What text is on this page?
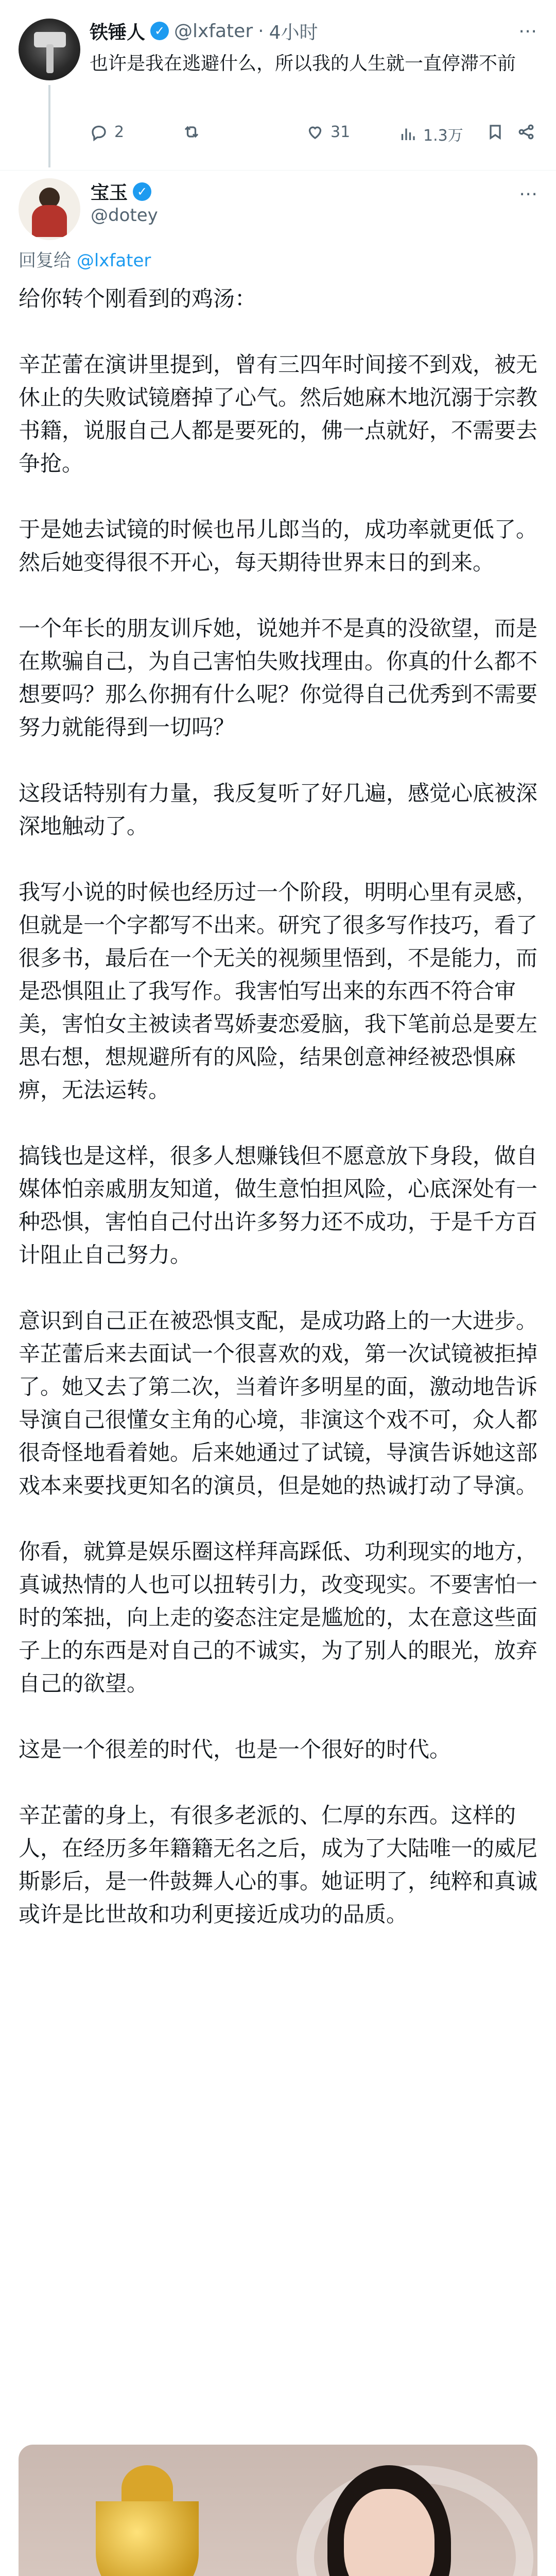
铁锤人 ✓ @lxfater · 4小时	⋯
也许是我在逃避什么，所以我的人生就一直停滞不前
2	31	1.3万
宝玉 ✓
@dotey
⋯
回复给 @lxfater

给你转个刚看到的鸡汤：

辛芷蕾在演讲里提到，曾有三四年时间接不到戏，被无休止的失败试镜磨掉了心气。然后她麻木地沉溺于宗教书籍，说服自己人都是要死的，佛一点就好，不需要去争抢。

于是她去试镜的时候也吊儿郎当的，成功率就更低了。

然后她变得很不开心，每天期待世界末日的到来。

一个年长的朋友训斥她，说她并不是真的没欲望，而是在欺骗自己，为自己害怕失败找理由。你真的什么都不想要吗？那么你拥有什么呢？你觉得自己优秀到不需要努力就能得到一切吗？

这段话特别有力量，我反复听了好几遍，感觉心底被深深地触动了。

我写小说的时候也经历过一个阶段，明明心里有灵感，但就是一个字都写不出来。研究了很多写作技巧，看了很多书，最后在一个无关的视频里悟到，不是能力，而是恐惧阻止了我写作。我害怕写出来的东西不符合审美，害怕女主被读者骂娇妻恋爱脑，我下笔前总是要左思右想，想规避所有的风险，结果创意神经被恐惧麻痹，无法运转。

搞钱也是这样，很多人想赚钱但不愿意放下身段，做自媒体怕亲戚朋友知道，做生意怕担风险，心底深处有一种恐惧，害怕自己付出许多努力还不成功，于是千方百计阻止自己努力。

意识到自己正在被恐惧支配，是成功路上的一大进步。

辛芷蕾后来去面试一个很喜欢的戏，第一次试镜被拒掉了。她又去了第二次，当着许多明星的面，激动地告诉导演自己很懂女主角的心境，非演这个戏不可，众人都很奇怪地看着她。后来她通过了试镜，导演告诉她这部戏本来要找更知名的演员，但是她的热诚打动了导演。

你看，就算是娱乐圈这样拜高踩低、功利现实的地方，真诚热情的人也可以扭转引力，改变现实。不要害怕一时的笨拙，向上走的姿态注定是尴尬的，太在意这些面子上的东西是对自己的不诚实，为了别人的眼光，放弃自己的欲望。

这是一个很差的时代，也是一个很好的时代。

辛芷蕾的身上，有很多老派的、仁厚的东西。这样的人，在经历多年籍籍无名之后，成为了大陆唯一的威尼斯影后，是一件鼓舞人心的事。她证明了，纯粹和真诚或许是比世故和功利更接近成功的品质。
